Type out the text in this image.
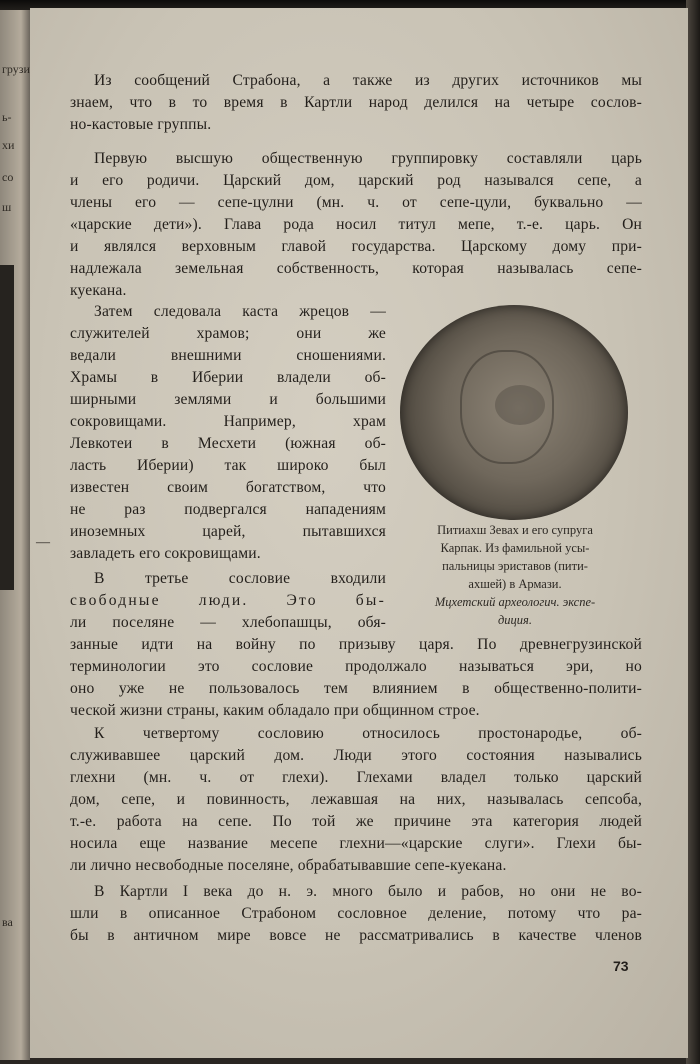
грузи
ь-
хи
со
ш
ва
—
Из сообщений Страбона, а также из других источников мы
знаем, что в то время в Картли народ делился на четыре сослов-
но-кастовые группы.
Первую высшую общественную группировку составляли царь
и его родичи. Царский дом, царский род назывался сепе, а
члены его — сепе-цулни (мн. ч. от сепе-цули, буквально —
«царские дети»). Глава рода носил титул мепе, т.-е. царь. Он
и являлся верховным главой государства. Царскому дому при-
надлежала земельная собственность, которая называлась сепе-
куекана.
Затем следовала каста жрецов —
служителей храмов; они же
ведали внешними сношениями.
Храмы в Иберии владели об-
ширными землями и большими
сокровищами. Например, храм
Левкотеи в Месхети (южная об-
ласть Иберии) так широко был
известен своим богатством, что
не раз подвергался нападениям
иноземных царей, пытавшихся
завладеть его сокровищами.
В третье сословие входили
свободные люди. Это бы-
ли поселяне — хлебопашцы, обя-
занные идти на войну по призыву царя. По древнегрузинской
терминологии это сословие продолжало называться эри, но
оно уже не пользовалось тем влиянием в общественно-полити-
ческой жизни страны, каким обладало при общинном строе.
Питиахш Зевах и его супруга
Карпак. Из фамильной усы-
пальницы эриставов (пити-
ахшей) в Армази.
Мцхетский археологич. экспе-
диция.
К четвертому сословию относилось простонародье, об-
служивавшее царский дом. Люди этого состояния назывались
глехни (мн. ч. от глехи). Глехами владел только царский
дом, сепе, и повинность, лежавшая на них, называлась сепсоба,
т.-е. работа на сепе. По той же причине эта категория людей
носила еще название месепе глехни—«царские слуги». Глехи бы-
ли лично несвободные поселяне, обрабатывавшие сепе-куекана.
В Картли I века до н. э. много было и рабов, но они не во-
шли в описанное Страбоном сословное деление, потому что ра-
бы в античном мире вовсе не рассматривались в качестве членов
73
